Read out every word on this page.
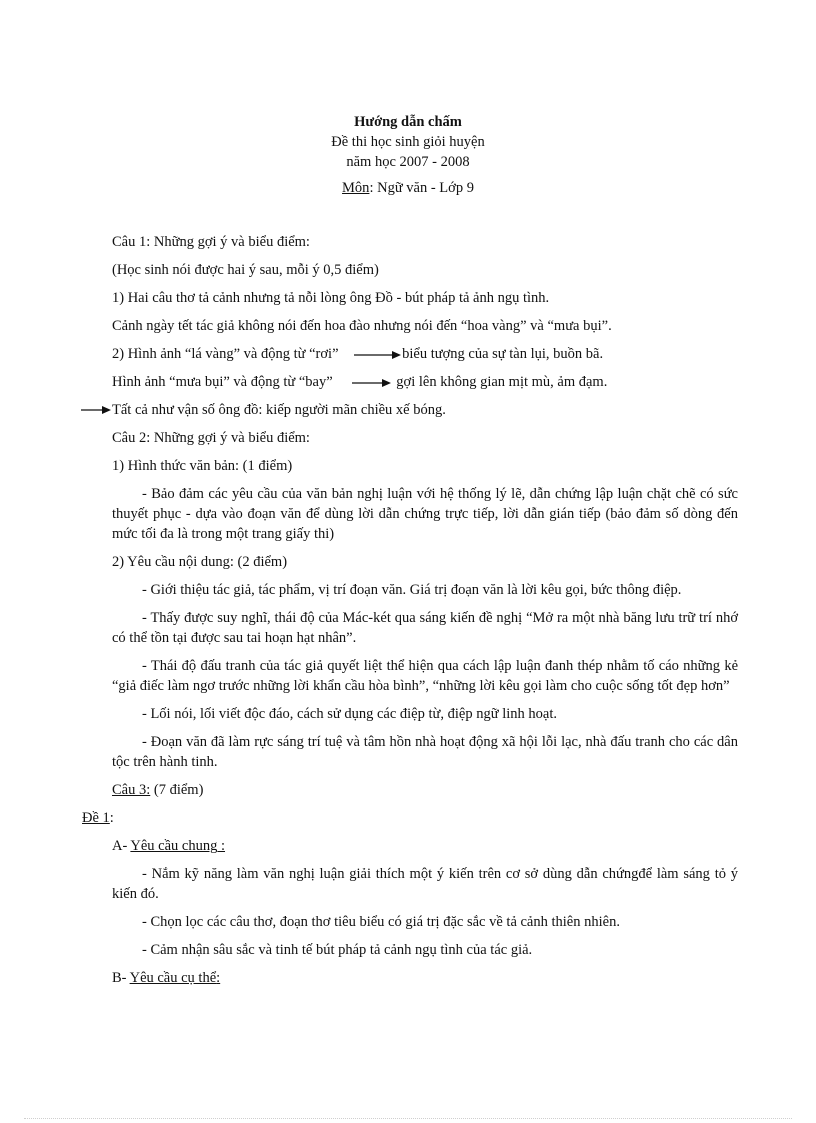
Hướng dẫn chấm
Đề thi học sinh giỏi huyện
năm học 2007 - 2008
Môn: Ngữ văn - Lớp 9

Câu 1: Những gợi ý và biểu điểm:

(Học sinh nói được hai ý sau, mỗi ý 0,5 điểm)

1) Hai câu thơ tả cảnh nhưng tả nỗi lòng ông Đồ - bút pháp tả ảnh ngụ tình.

Cảnh ngày tết tác giả không nói đến hoa đào nhưng nói đến “hoa vàng” và “mưa bụi”.

2) Hình ảnh “lá vàng” và động từ “rơi”	biểu tượng của sự tàn lụi, buồn bã.

Hình ảnh “mưa bụi” và động từ “bay”	gợi lên không gian mịt mù, ảm đạm.

Tất cả như vận số ông đồ: kiếp người mãn chiều xế bóng.

Câu 2: Những gợi ý và biểu điểm:

1) Hình thức văn bản: (1 điểm)

- Bảo đảm các yêu cầu của văn bản nghị luận với hệ thống lý lẽ, dẫn chứng lập luận chặt chẽ có sức thuyết phục - dựa vào đoạn văn để dùng lời dẫn chứng trực tiếp, lời dẫn gián tiếp (bảo đảm số dòng đến mức tối đa là trong một trang giấy thi)

2) Yêu cầu nội dung: (2 điểm)

- Giới thiệu tác giả, tác phẩm, vị trí đoạn văn. Giá trị đoạn văn là lời kêu gọi, bức thông điệp.

- Thấy được suy nghĩ, thái độ của Mác-két qua sáng kiến đề nghị “Mở ra một nhà băng lưu trữ trí nhớ có thể tồn tại được sau tai hoạn hạt nhân”.

- Thái độ đấu tranh của tác giả quyết liệt thể hiện qua cách lập luận đanh thép nhằm tố cáo những kẻ “giả điếc làm ngơ trước những lời khẩn cầu hòa bình”, “những lời kêu gọi làm cho cuộc sống tốt đẹp hơn”

- Lối nói, lối viết độc đáo, cách sử dụng các điệp từ, điệp ngữ linh hoạt.

- Đoạn văn đã làm rực sáng trí tuệ và tâm hồn nhà hoạt động xã hội lỗi lạc, nhà đấu tranh cho các dân tộc trên hành tinh.

Câu 3: (7 điểm)

Đề 1:

A- Yêu cầu chung :

- Nắm kỹ năng làm văn nghị luận giải thích một ý kiến trên cơ sở dùng dẫn chứngđể làm sáng tỏ ý kiến đó.

- Chọn lọc các câu thơ, đoạn thơ tiêu biểu có giá trị đặc sắc về tả cảnh thiên nhiên.

- Cảm nhận sâu sắc và tinh tế bút pháp tả cảnh ngụ tình của tác giả.

B- Yêu cầu cụ thể:
